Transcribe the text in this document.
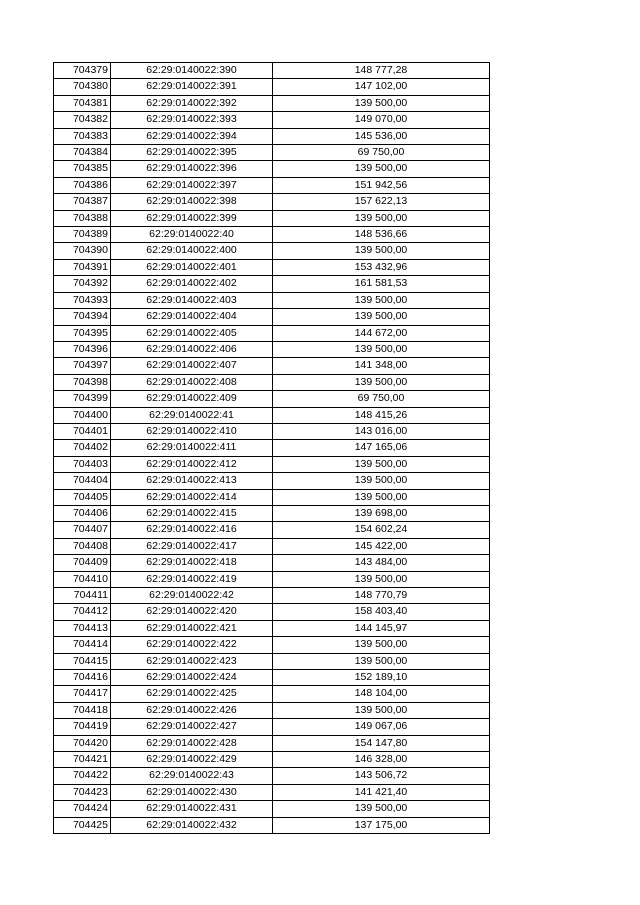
704379	62:29:0140022:390	148 777,28
704380	62:29:0140022:391	147 102,00
704381	62:29:0140022:392	139 500,00
704382	62:29:0140022:393	149 070,00
704383	62:29:0140022:394	145 536,00
704384	62:29:0140022:395	69 750,00
704385	62:29:0140022:396	139 500,00
704386	62:29:0140022:397	151 942,56
704387	62:29:0140022:398	157 622,13
704388	62:29:0140022:399	139 500,00
704389	62:29:0140022:40	148 536,66
704390	62:29:0140022:400	139 500,00
704391	62:29:0140022:401	153 432,96
704392	62:29:0140022:402	161 581,53
704393	62:29:0140022:403	139 500,00
704394	62:29:0140022:404	139 500,00
704395	62:29:0140022:405	144 672,00
704396	62:29:0140022:406	139 500,00
704397	62:29:0140022:407	141 348,00
704398	62:29:0140022:408	139 500,00
704399	62:29:0140022:409	69 750,00
704400	62:29:0140022:41	148 415,26
704401	62:29:0140022:410	143 016,00
704402	62:29:0140022:411	147 165,06
704403	62:29:0140022:412	139 500,00
704404	62:29:0140022:413	139 500,00
704405	62:29:0140022:414	139 500,00
704406	62:29:0140022:415	139 698,00
704407	62:29:0140022:416	154 602,24
704408	62:29:0140022:417	145 422,00
704409	62:29:0140022:418	143 484,00
704410	62:29:0140022:419	139 500,00
704411	62:29:0140022:42	148 770,79
704412	62:29:0140022:420	158 403,40
704413	62:29:0140022:421	144 145,97
704414	62:29:0140022:422	139 500,00
704415	62:29:0140022:423	139 500,00
704416	62:29:0140022:424	152 189,10
704417	62:29:0140022:425	148 104,00
704418	62:29:0140022:426	139 500,00
704419	62:29:0140022:427	149 067,06
704420	62:29:0140022:428	154 147,80
704421	62:29:0140022:429	146 328,00
704422	62:29:0140022:43	143 506,72
704423	62:29:0140022:430	141 421,40
704424	62:29:0140022:431	139 500,00
704425	62:29:0140022:432	137 175,00
